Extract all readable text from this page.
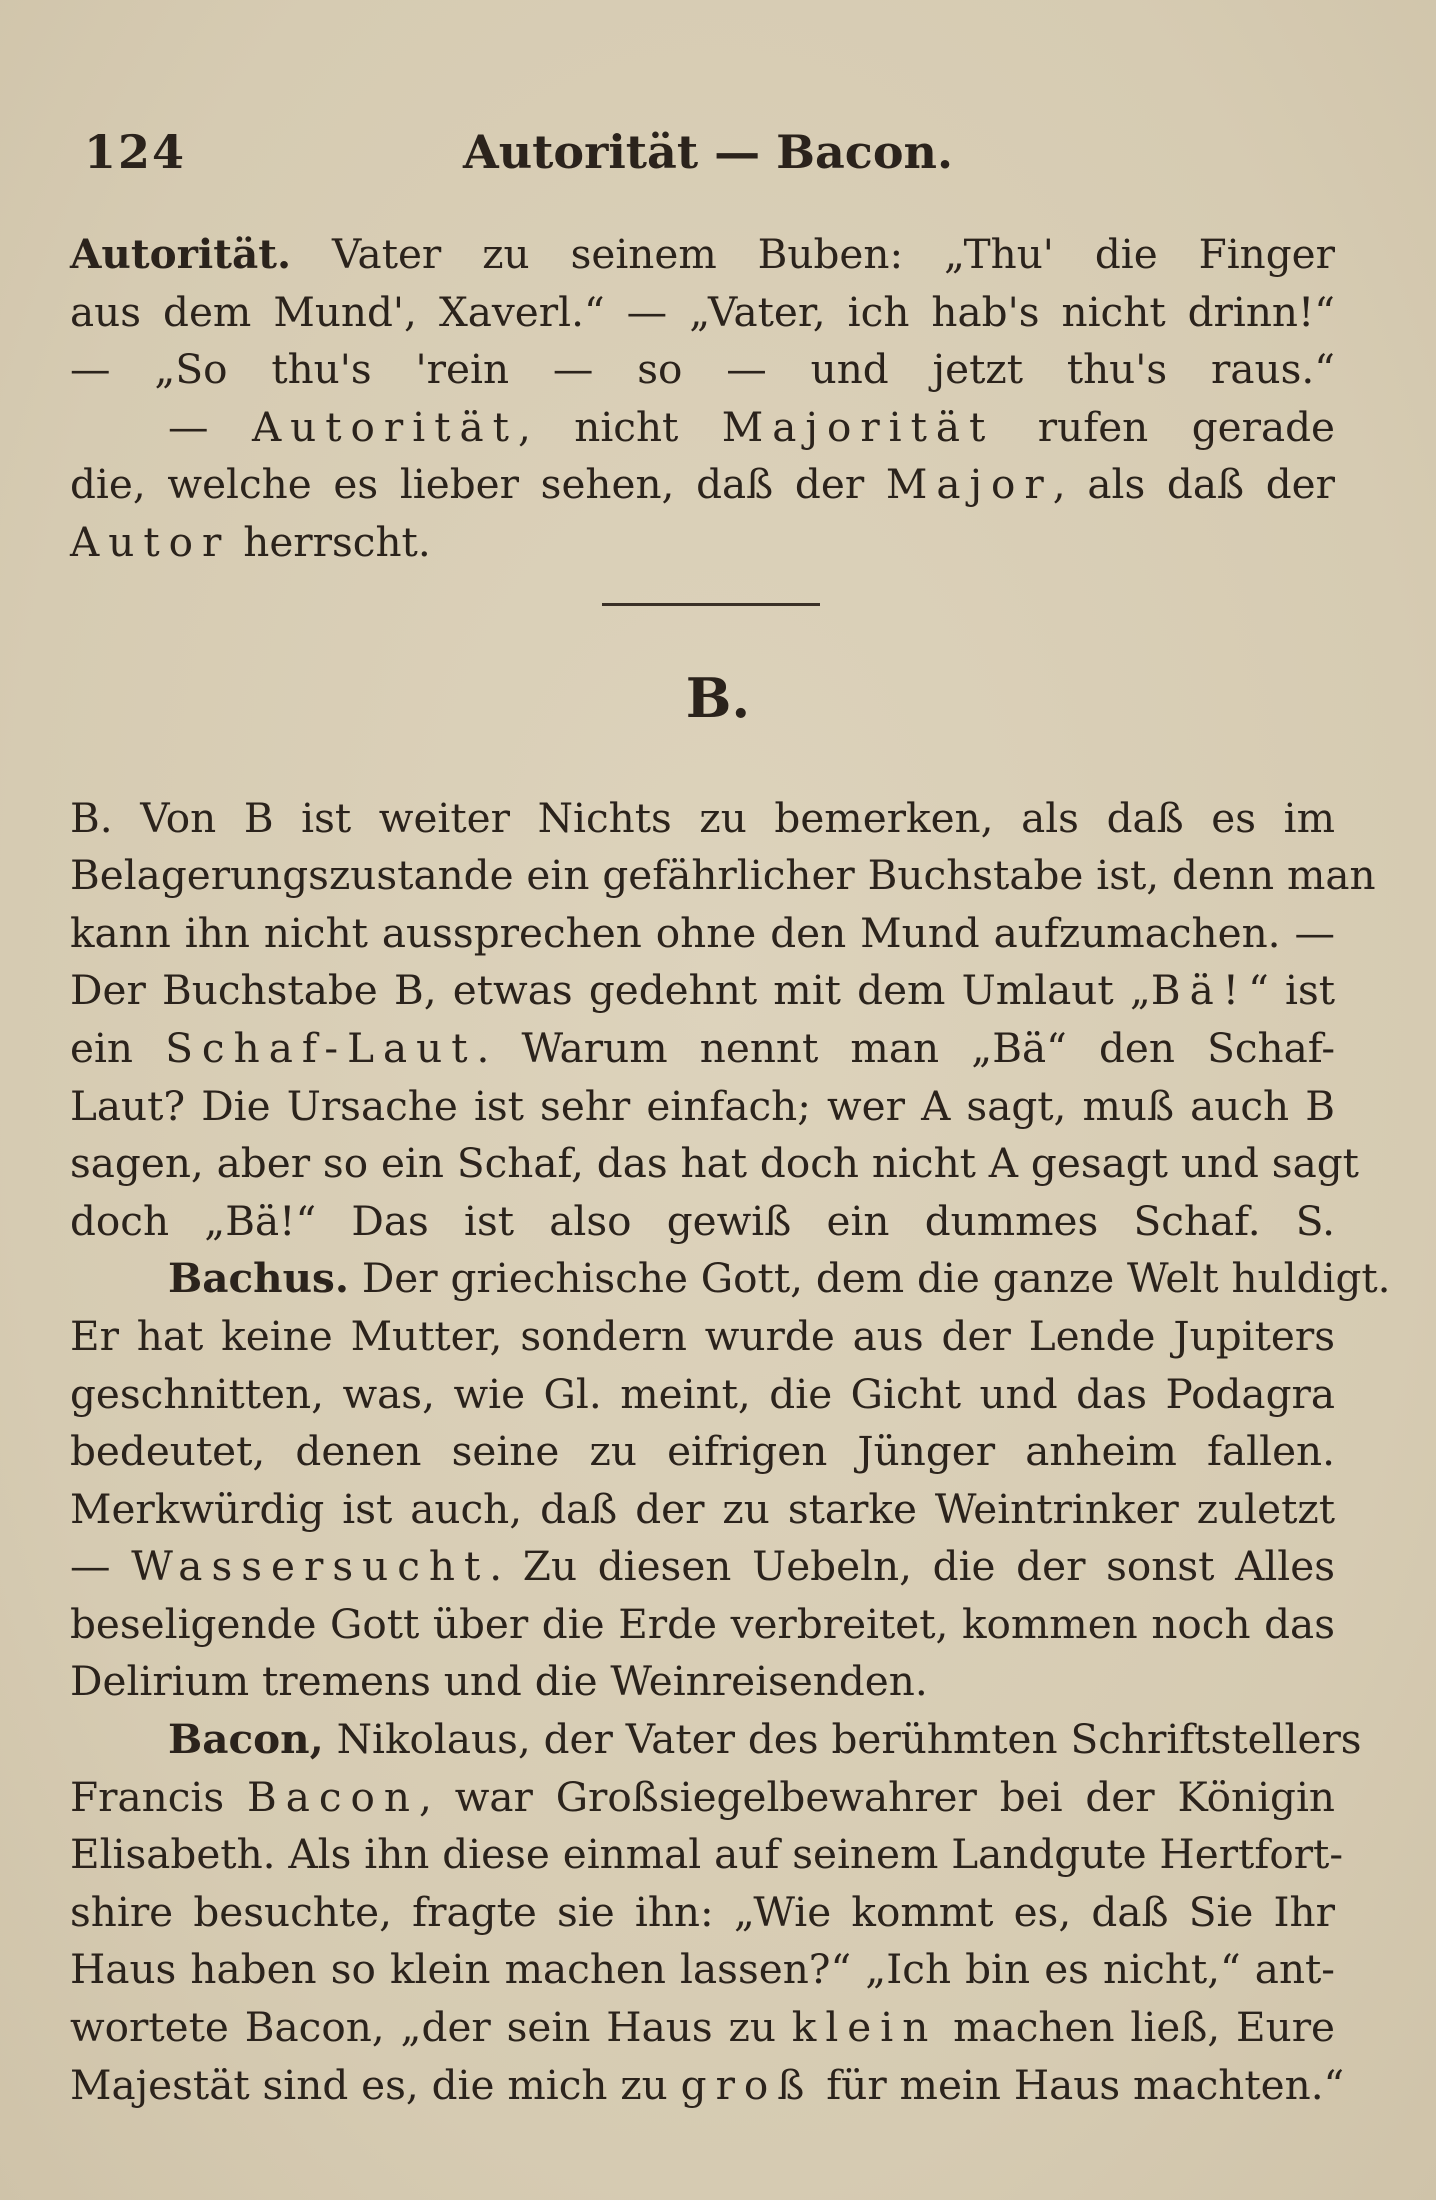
124	Autorität — Bacon.
Autorität. Vater zu seinem Buben: „Thu' die Finger
aus dem Mund', Xaverl.“ — „Vater, ich hab's nicht drinn!“
— „So thu's 'rein — so — und jetzt thu's raus.“
— Autorität, nicht Majorität rufen gerade
die, welche es lieber sehen, daß der Major, als daß der
Autor herrscht.
B. Von B ist weiter Nichts zu bemerken, als daß es im
Belagerungszustande ein gefährlicher Buchstabe ist, denn man
kann ihn nicht aussprechen ohne den Mund aufzumachen. —
Der Buchstabe B, etwas gedehnt mit dem Umlaut „Bä!“ ist
ein Schaf-Laut. Warum nennt man „Bä“ den Schaf-
Laut? Die Ursache ist sehr einfach; wer A sagt, muß auch B
sagen, aber so ein Schaf, das hat doch nicht A gesagt und sagt
doch „Bä!“ Das ist also gewiß ein dummes Schaf. S.
Bachus. Der griechische Gott, dem die ganze Welt huldigt.
Er hat keine Mutter, sondern wurde aus der Lende Jupiters
geschnitten, was, wie Gl. meint, die Gicht und das Podagra
bedeutet, denen seine zu eifrigen Jünger anheim fallen.
Merkwürdig ist auch, daß der zu starke Weintrinker zuletzt
— Wassersucht. Zu diesen Uebeln, die der sonst Alles
beseligende Gott über die Erde verbreitet, kommen noch das
Delirium tremens und die Weinreisenden.
Bacon, Nikolaus, der Vater des berühmten Schriftstellers
Francis Bacon, war Großsiegelbewahrer bei der Königin
Elisabeth. Als ihn diese einmal auf seinem Landgute Hertfort-
shire besuchte, fragte sie ihn: „Wie kommt es, daß Sie Ihr
Haus haben so klein machen lassen?“ „Ich bin es nicht,“ ant-
wortete Bacon, „der sein Haus zu klein machen ließ, Eure
Majestät sind es, die mich zu groß für mein Haus machten.“
B.
